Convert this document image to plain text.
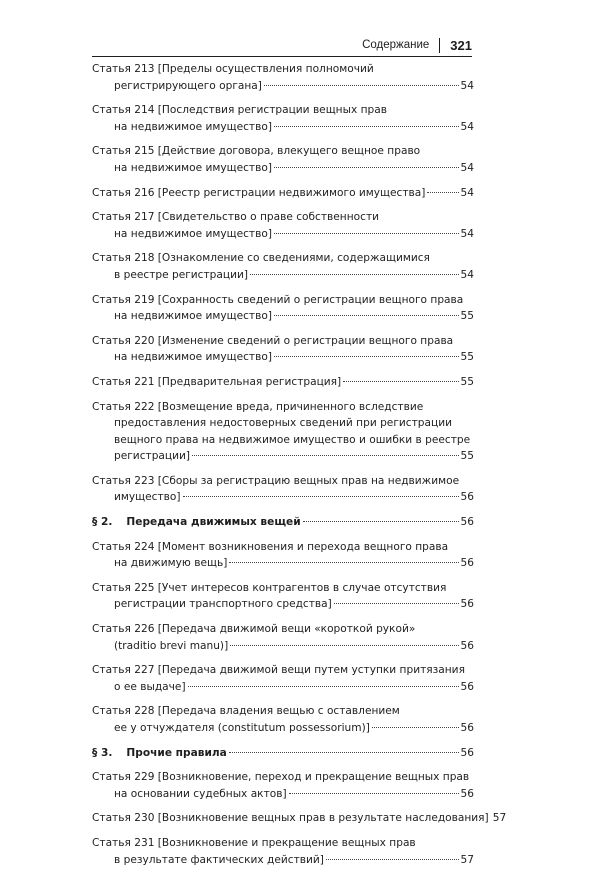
Содержание 321
Статья 213 [Пределы осуществления полномочий
регистрирующего органа]	54
Статья 214 [Последствия регистрации вещных прав
на недвижимое имущество]	54
Статья 215 [Действие договора, влекущего вещное право
на недвижимое имущество]	54
Статья 216 [Реестр регистрации недвижимого имущества]	54
Статья 217 [Свидетельство о праве собственности
на недвижимое имущество]	54
Статья 218 [Ознакомление со сведениями, содержащимися
в реестре регистрации]	54
Статья 219 [Сохранность сведений о регистрации вещного права
на недвижимое имущество]	55
Статья 220 [Изменение сведений о регистрации вещного права
на недвижимое имущество]	55
Статья 221 [Предварительная регистрация]	55
Статья 222 [Возмещение вреда, причиненного вследствие
предоставления недостоверных сведений при регистрации
вещного права на недвижимое имущество и ошибки в реестре
регистрации]	55
Статья 223 [Сборы за регистрацию вещных прав на недвижимое
имущество]	56
§ 2. Передача движимых вещей	56
Статья 224 [Момент возникновения и перехода вещного права
на движимую вещь]	56
Статья 225 [Учет интересов контрагентов в случае отсутствия
регистрации транспортного средства]	56
Статья 226 [Передача движимой вещи «короткой рукой»
(traditio brevi manu)]	56
Статья 227 [Передача движимой вещи путем уступки притязания
о ее выдаче]	56
Статья 228 [Передача владения вещью с оставлением
ее у отчуждателя (constitutum possessorium)]	56
§ 3. Прочие правила	56
Статья 229 [Возникновение, переход и прекращение вещных прав
на основании судебных актов]	56
Статья 230 [Возникновение вещных прав в результате наследования] 57
Статья 231 [Возникновение и прекращение вещных прав
в результате фактических действий]	57
